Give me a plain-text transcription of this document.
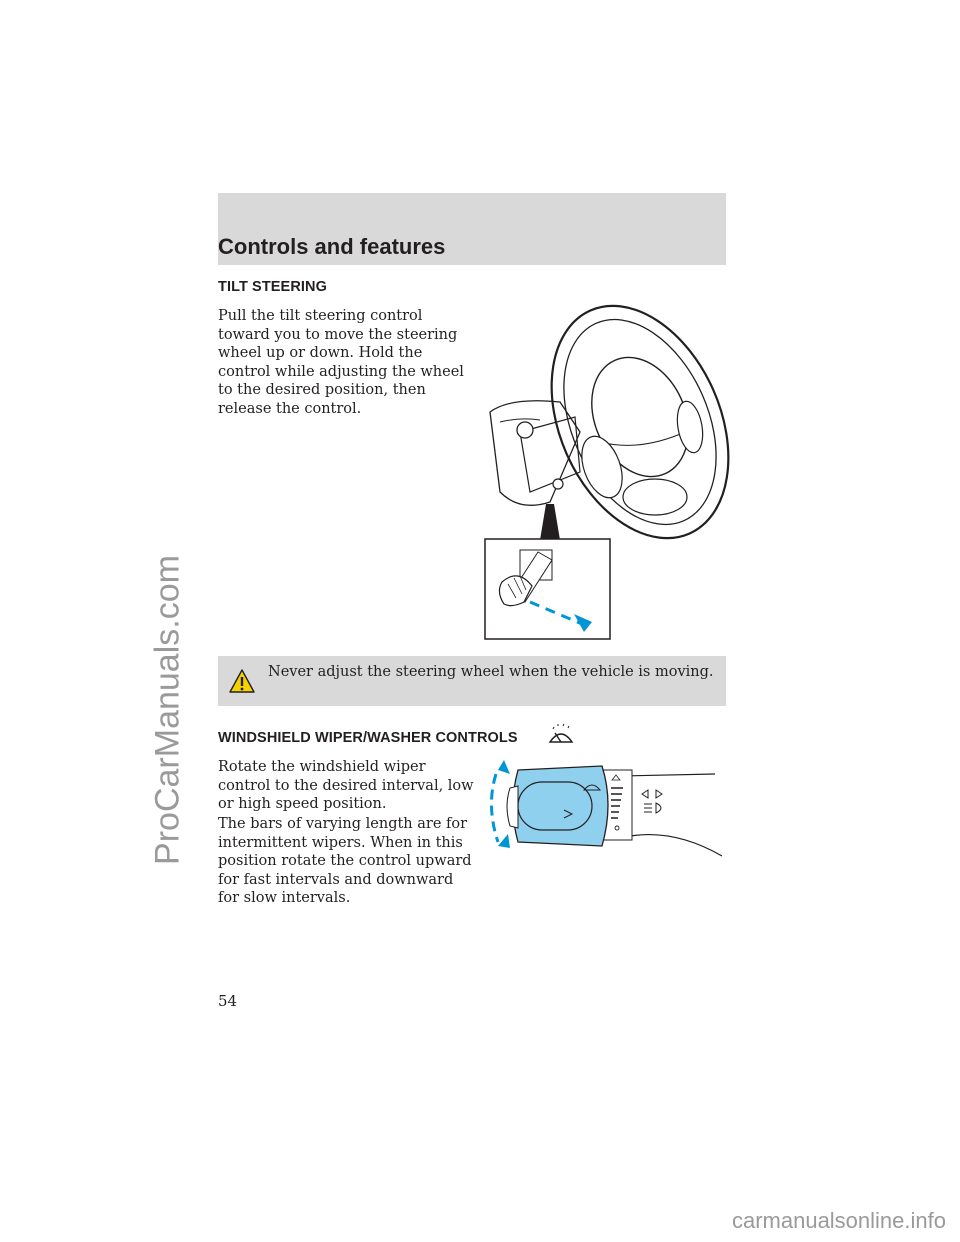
ProCarManuals.com
Controls and features
TILT STEERING
Pull the tilt steering control toward you to move the steering wheel up or down. Hold the control while adjusting the wheel to the desired position, then release the control.
Never adjust the steering wheel when the vehicle is moving.
WINDSHIELD WIPER/WASHER CONTROLS
Rotate the windshield wiper control to the desired interval, low or high speed position.
The bars of varying length are for intermittent wipers. When in this position rotate the control upward for fast intervals and downward for slow intervals.
54
carmanualsonline.info
